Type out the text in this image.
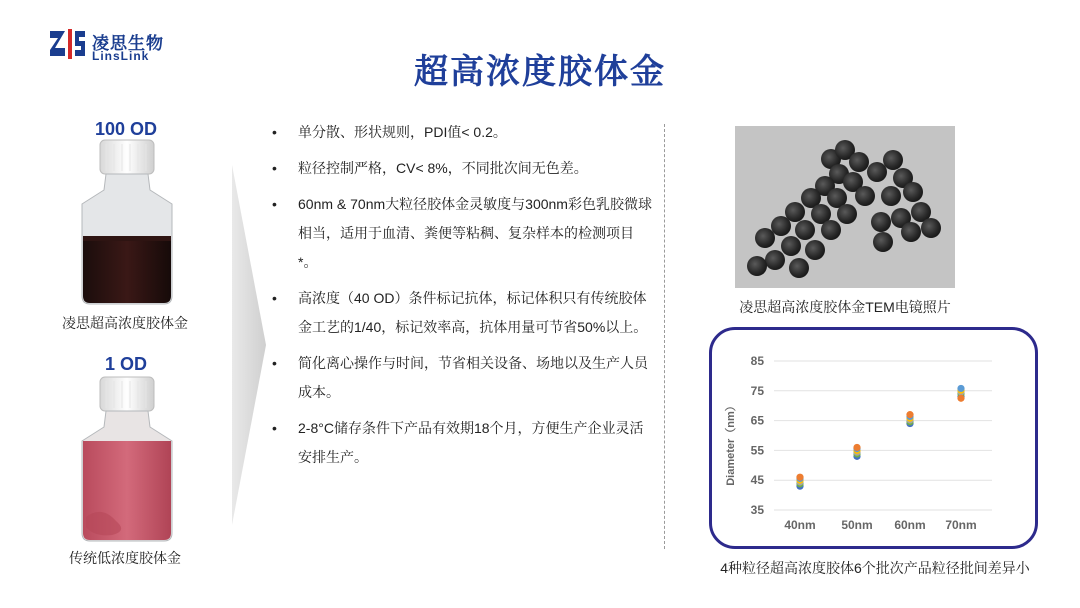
凌思生物
LinsLink	超高浓度胶体金
100 OD
凌思超高浓度胶体金
1 OD
传统低浓度胶体金
• 单分散、形状规则，PDI值< 0.2。
• 粒径控制严格，CV< 8%，不同批次间无色差。
• 60nm & 70nm大粒径胶体金灵敏度与300nm彩色乳胶微球相当，适用于血清、粪便等粘稠、复杂样本的检测项目*。
• 高浓度（40 OD）条件标记抗体，标记体积只有传统胶体金工艺的1/40，标记效率高，抗体用量可节省50%以上。
• 简化离心操作与时间，节省相关设备、场地以及生产人员成本。
• 2-8°C储存条件下产品有效期18个月，方便生产企业灵活安排生产。
凌思超高浓度胶体金TEM电镜照片
85
75
65
55
45
35
40nm 50nm 60nm 70nm
Diameter（nm）
4种粒径超高浓度胶体6个批次产品粒径批间差异小
